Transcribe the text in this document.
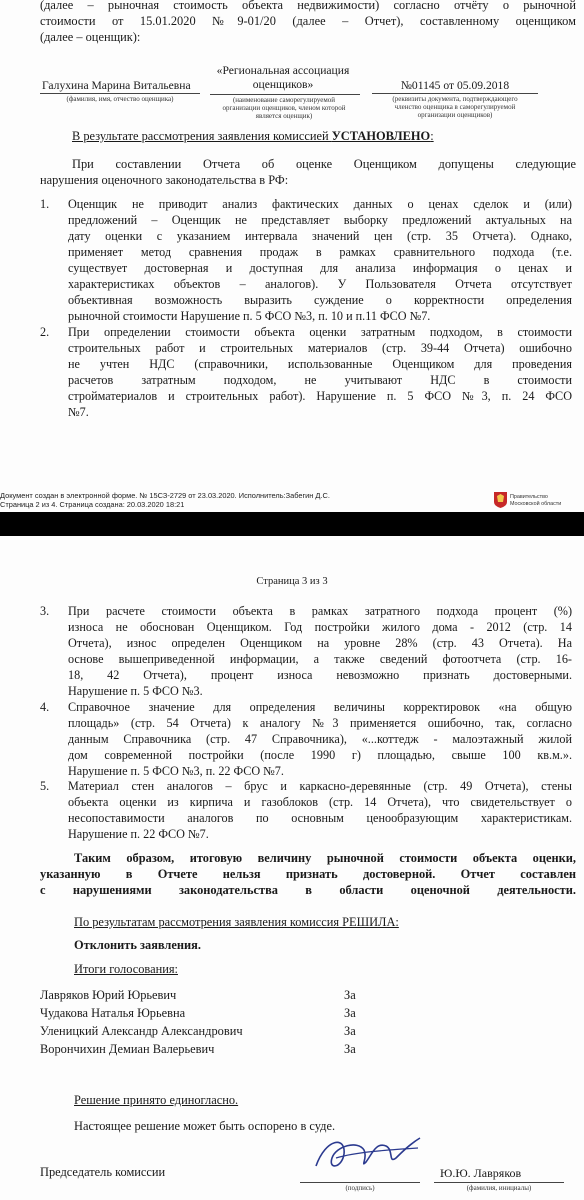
(далее – рыночная стоимость объекта недвижимости) согласно отчёту о рыночной
стоимости от 15.01.2020 №9-01/20 (далее – Отчет), составленному оценщиком
(далее – оценщик):
Галухина Марина Витальевна
(фамилия, имя, отчество оценщика)
«Региональная ассоциация
оценщиков»
(наименование саморегулируемой
организации оценщиков, членом которой
является оценщик)
№01145 от 05.09.2018
(реквизиты документа, подтверждающего
членство оценщика в саморегулируемой
организации оценщиков)
В результате рассмотрения заявления комиссией УСТАНОВЛЕНО:
При составлении Отчета об оценке Оценщиком допущены следующие
нарушения оценочного законодательства в РФ:
1. Оценщик не приводит анализ фактических данных о ценах сделок и (или)
предложений – Оценщик не представляет выборку предложений актуальных на
дату оценки с указанием интервала значений цен (стр. 35 Отчета). Однако,
применяет метод сравнения продаж в рамках сравнительного подхода (т.е.
существует достоверная и доступная для анализа информация о ценах и
характеристиках объектов – аналогов). У Пользователя Отчета отсутствует
объективная возможность выразить суждение о корректности определения
рыночной стоимости Нарушение п. 5 ФСО №3, п. 10 и п.11 ФСО №7.
2. При определении стоимости объекта оценки затратным подходом, в стоимости
строительных работ и строительных материалов (стр. 39-44 Отчета) ошибочно
не учтен НДС (справочники, использованные Оценщиком для проведения
расчетов затратным подходом, не учитывают НДС в стоимости
стройматериалов и строительных работ). Нарушение п. 5 ФСО №3, п. 24 ФСО
№7.
Документ создан в электронной форме. № 15СЗ-2729 от 23.03.2020. Исполнитель:Забегин Д.С.
Страница 2 из 4. Страница создана: 20.03.2020 18:21
Правительство
Московской области
Страница 3 из 3
3. При расчете стоимости объекта в рамках затратного подхода процент (%)
износа не обоснован Оценщиком. Год постройки жилого дома - 2012 (стр. 14
Отчета), износ определен Оценщиком на уровне 28% (стр. 43 Отчета). На
основе вышеприведенной информации, а также сведений фотоотчета (стр. 16-
18, 42 Отчета), процент износа невозможно признать достоверными.
Нарушение п. 5 ФСО №3.
4. Справочное значение для определения величины корректировок «на общую
площадь» (стр. 54 Отчета) к аналогу №3 применяется ошибочно, так, согласно
данным Справочника (стр. 47 Справочника), «...коттедж - малоэтажный жилой
дом современной постройки (после 1990 г) площадью, свыше 100 кв.м.».
Нарушение п. 5 ФСО №3, п. 22 ФСО №7.
5. Материал стен аналогов – брус и каркасно-деревянные (стр. 49 Отчета), стены
объекта оценки из кирпича и газоблоков (стр. 14 Отчета), что свидетельствует о
несопоставимости аналогов по основным ценообразующим характеристикам.
Нарушение п. 22 ФСО №7.
Таким образом, итоговую величину рыночной стоимости объекта оценки,
указанную в Отчете нельзя признать достоверной. Отчет составлен
с нарушениями законодательства в области оценочной деятельности.
По результатам рассмотрения заявления комиссия РЕШИЛА:
Отклонить заявления.
Итоги голосования:
Лавряков Юрий Юрьевич	За
Чудакова Наталья Юрьевна	За
Уленицкий Александр Александрович	За
Ворончихин Демиан Валерьевич	За
Решение принято единогласно.
Настоящее решение может быть оспорено в суде.
Председатель комиссии
(подпись)
Ю.Ю. Лавряков
(фамилия, инициалы)
